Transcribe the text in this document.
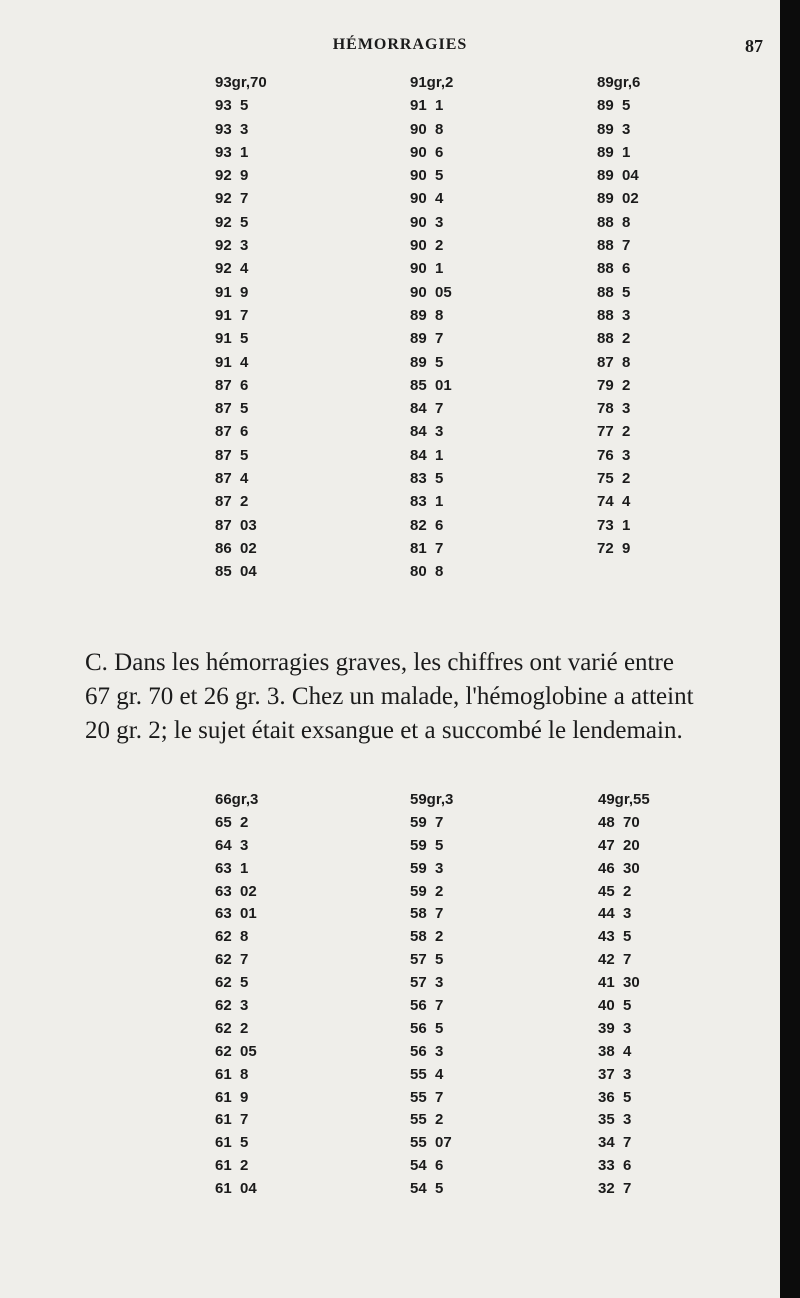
HÉMORRAGIES	87
93gr,70	91gr,2	89gr,6
93  5	91  1	89  5
93  3	90  8	89  3
93  1	90  6	89  1
92  9	90  5	89  04
92  7	90  4	89  02
92  5	90  3	88  8
92  3	90  2	88  7
92  4	90  1	88  6
91  9	90  05	88  5
91  7	89  8	88  3
91  5	89  7	88  2
91  4	89  5	87  8
87  6	85  01	79  2
87  5	84  7	78  3
87  6	84  3	77  2
87  5	84  1	76  3
87  4	83  5	75  2
87  2	83  1	74  4
87  03	82  6	73  1
86  02	81  7	72  9
85  04	80  8
C. Dans les hémorragies graves, les chiffres ont varié entre
67 gr. 70 et 26 gr. 3. Chez un malade, l'hémoglobine a atteint
20 gr. 2; le sujet était exsangue et a succombé le lendemain.
66gr,3	59gr,3	49gr,55
65  2	59  7	48  70
64  3	59  5	47  20
63  1	59  3	46  30
63  02	59  2	45  2
63  01	58  7	44  3
62  8	58  2	43  5
62  7	57  5	42  7
62  5	57  3	41  30
62  3	56  7	40  5
62  2	56  5	39  3
62  05	56  3	38  4
61  8	55  4	37  3
61  9	55  7	36  5
61  7	55  2	35  3
61  5	55  07	34  7
61  2	54  6	33  6
61  04	54  5	32  7
